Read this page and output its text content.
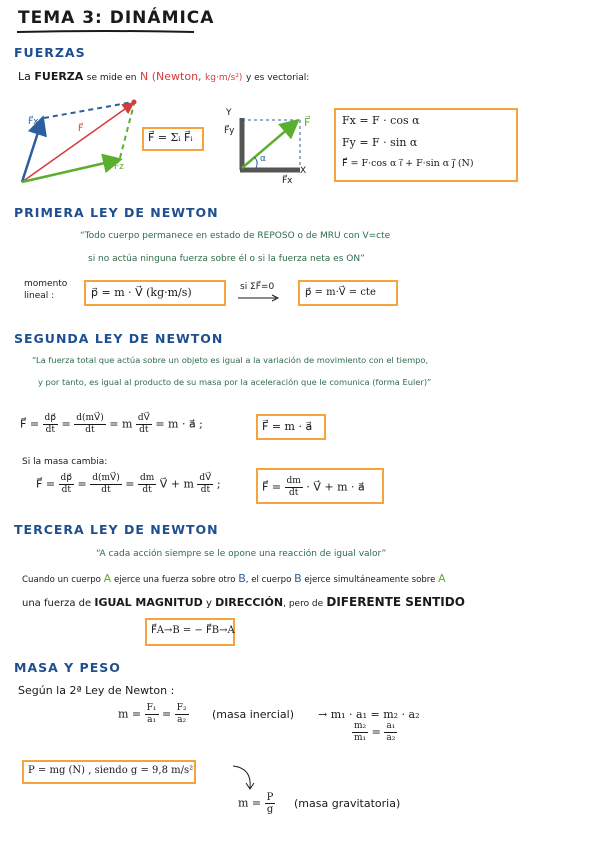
TEMA 3: DINÁMICA
FUERZAS
La FUERZA se mide en N (Newton, kg·m/s²) y es vectorial:
F⃗x
F⃗
F⃗z
F⃗ = Σᵢ F⃗ᵢ
Y
X
F⃗y
F⃗x
F⃗
α
Fx = F · cos α
Fy = F · sin α
F⃗ = F·cos α i⃗ + F·sin α j⃗ (N)
PRIMERA LEY DE NEWTON
“Todo cuerpo permanece en estado de REPOSO o de MRU con V=cte
si no actúa ninguna fuerza sobre él o si la fuerza neta es ON”
momento
lineal :	p⃗ = m · V⃗ (kg·m/s)	si ΣF⃗=0	p⃗ = m·V⃗ = cte
SEGUNDA LEY DE NEWTON
“La fuerza total que actúa sobre un objeto es igual a la variación de movimiento con el tiempo,
y por tanto, es igual al producto de su masa por la aceleración que le comunica (forma Euler)”
F⃗ = $\frac{dp⃗}{dt} = \frac{d(mV⃗)}{dt} = m \frac{dV⃗}{dt} = m$ · a⃗ ;	F⃗ = m · a⃗
Si la masa cambia:
F⃗ = $\frac{dp⃗}{dt} = \frac{d(mV⃗)}{dt} = \frac{dm}{dt}$ V⃗ + m $\frac{dV⃗}{dt}$ ;	F⃗ = $\frac{dm}{dt}$ · V⃗ + m · a⃗
TERCERA LEY DE NEWTON
“A cada acción siempre se le opone una reacción de igual valor”
Cuando un cuerpo A ejerce una fuerza sobre otro B, el cuerpo B ejerce simultáneamente sobre A
una fuerza de IGUAL MAGNITUD y DIRECCIÓN, pero de DIFERENTE SENTIDO
F⃗A→B = − F⃗B→A
MASA Y PESO
Según la 2ª Ley de Newton :
$m = \frac{\text{F₁}}{\text{a₁}} = \frac{\text{F₂}}{\text{a₂}}$ (masa inercial) → m₁ · a₁ = m₂ · a₂
$\frac{\text{m₂}}{\text{m₁}} = \frac{\text{a₁}}{\text{a₂}}$
P = mg (N) , siendo g = 9,8 m/s²
$m = \frac{P}{g}$ (masa gravitatoria)
